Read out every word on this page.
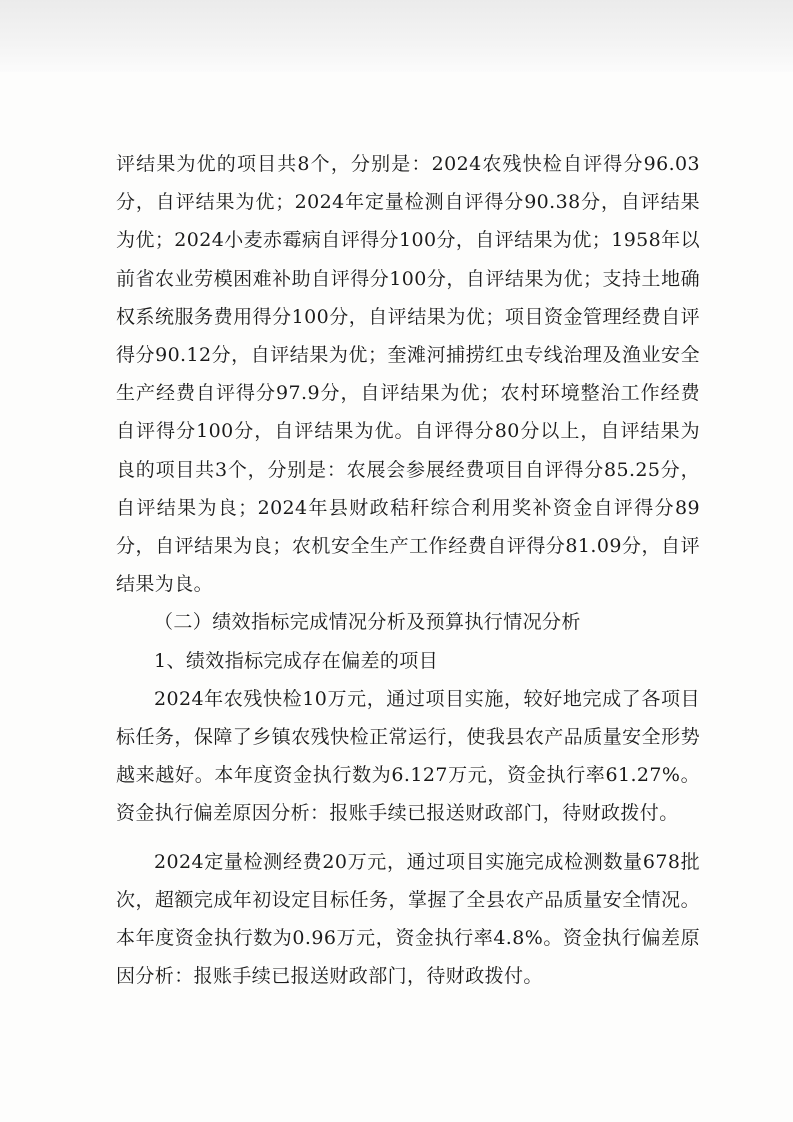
评结果为优的项目共8个，分别是：2024农残快检自评得分96.03分，自评结果为优；2024年定量检测自评得分90.38分，自评结果为优；2024小麦赤霉病自评得分100分，自评结果为优；1958年以前省农业劳模困难补助自评得分100分，自评结果为优；支持土地确权系统服务费用得分100分，自评结果为优；项目资金管理经费自评得分90.12分，自评结果为优；奎滩河捕捞红虫专线治理及渔业安全生产经费自评得分97.9分，自评结果为优；农村环境整治工作经费自评得分100分，自评结果为优。自评得分80分以上，自评结果为良的项目共3个，分别是：农展会参展经费项目自评得分85.25分，自评结果为良；2024年县财政秸秆综合利用奖补资金自评得分89分，自评结果为良；农机安全生产工作经费自评得分81.09分，自评结果为良。

（二）绩效指标完成情况分析及预算执行情况分析

1、绩效指标完成存在偏差的项目

2024年农残快检10万元，通过项目实施，较好地完成了各项目标任务，保障了乡镇农残快检正常运行，使我县农产品质量安全形势越来越好。本年度资金执行数为6.127万元，资金执行率61.27%。资金执行偏差原因分析：报账手续已报送财政部门，待财政拨付。

2024定量检测经费20万元，通过项目实施完成检测数量678批次，超额完成年初设定目标任务，掌握了全县农产品质量安全情况。本年度资金执行数为0.96万元，资金执行率4.8%。资金执行偏差原因分析：报账手续已报送财政部门，待财政拨付。
